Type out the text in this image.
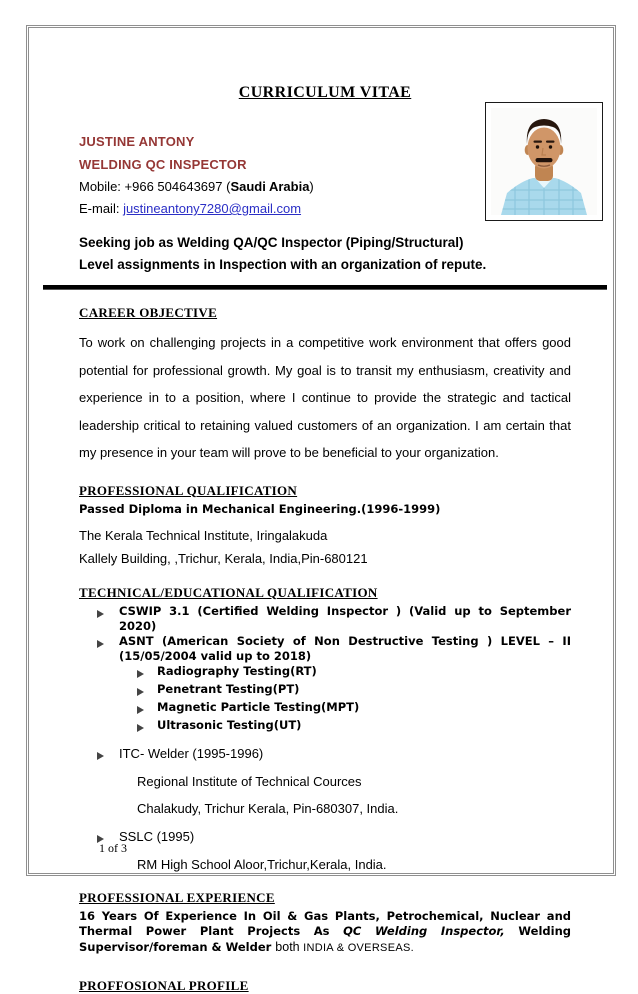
CURRICULUM VITAE
JUSTINE ANTONY
WELDING QC INSPECTOR
Mobile: +966 504643697 (Saudi Arabia)
E-mail: justineantony7280@gmail.com
Seeking job as Welding QA/QC Inspector (Piping/Structural)
Level assignments in Inspection with an organization of repute.
CAREER OBJECTIVE

To work on challenging projects in a competitive work environment that offers good potential for professional growth. My goal is to transit my enthusiasm, creativity and experience in to a position, where I continue to provide the strategic and tactical leadership critical to retaining valued customers of an organization. I am certain that my presence in your team will prove to be beneficial to your organization.

PROFESSIONAL QUALIFICATION
Passed Diploma in Mechanical Engineering.(1996-1999)
The Kerala Technical Institute, Iringalakuda
Kallely Building, ,Trichur, Kerala, India,Pin-680121
TECHNICAL/EDUCATIONAL QUALIFICATION
CSWIP 3.1 (Certified Welding Inspector ) (Valid up to September 2020)
ASNT (American Society of Non Destructive Testing ) LEVEL – II (15/05/2004 valid up to 2018)
Radiography Testing(RT)
Penetrant Testing(PT)
Magnetic Particle Testing(MPT)
Ultrasonic Testing(UT)
ITC- Welder (1995-1996)
Regional Institute of Technical Cources
Chalakudy, Trichur Kerala, Pin-680307, India.
SSLC (1995)
RM High School Aloor,Trichur,Kerala, India.
PROFESSIONAL EXPERIENCE

16 Years Of Experience In Oil & Gas Plants, Petrochemical, Nuclear and Thermal Power Plant Projects As QC Welding Inspector, Welding Supervisor/foreman & Welder both INDIA & OVERSEAS.

PROFFOSIONAL PROFILE
1 of 3
